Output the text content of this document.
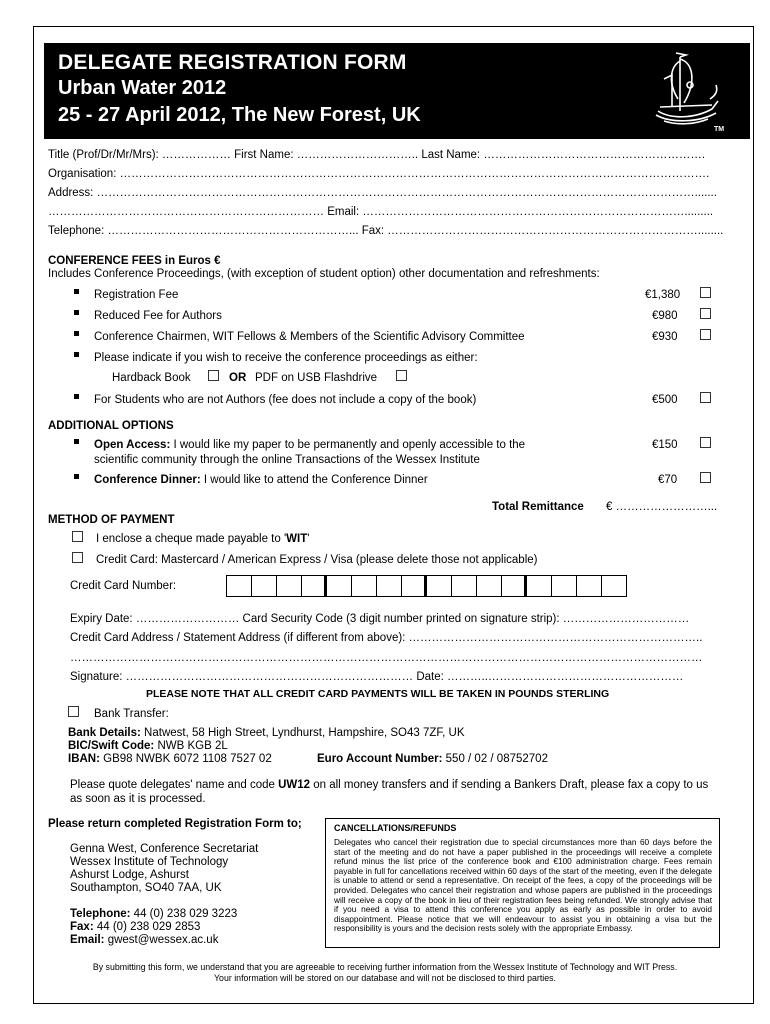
DELEGATE REGISTRATION FORM
Urban Water 2012
25 - 27 April 2012, The New Forest, UK
TM
Title (Prof/Dr/Mr/Mrs): ……………… First Name: ………………………….. Last Name: ………………………………………………….
Organisation: ……………………………………………………………………………………………………………………………………….
Address: ………………………………………………………………………………………………………………………………………….......
……………………………………………………………… Email: ………………………………………………………………………….........
Telephone: ………………………………………………………... Fax: ………………………………………………………………………........
CONFERENCE FEES in Euros €
Includes Conference Proceedings, (with exception of student option) other documentation and refreshments:
Registration Fee	€1,380
Reduced Fee for Authors	€980
Conference Chairmen, WIT Fellows & Members of the Scientific Advisory Committee	€930
Please indicate if you wish to receive the conference proceedings as either:
Hardback Book	OR PDF on USB Flashdrive
For Students who are not Authors (fee does not include a copy of the book)	€500
ADDITIONAL OPTIONS
Open Access: I would like my paper to be permanently and openly accessible to the
scientific community through the online Transactions of the Wessex Institute
€150
Conference Dinner: I would like to attend the Conference Dinner	€70
Total Remittance € ……………………...
METHOD OF PAYMENT
I enclose a cheque made payable to 'WIT'
Credit Card: Mastercard / American Express / Visa (please delete those not applicable)
Credit Card Number:
Expiry Date: ……………………… Card Security Code (3 digit number printed on signature strip): ……………………………
Credit Card Address / Statement Address (if different from above): …………………………………………………………………..
…………………………………………………………………………………………………………………………………………………
Signature: ………………………………………………………………… Date: ………..……………………………………………
PLEASE NOTE THAT ALL CREDIT CARD PAYMENTS WILL BE TAKEN IN POUNDS STERLING
Bank Transfer:
Bank Details: Natwest, 58 High Street, Lyndhurst, Hampshire, SO43 7ZF, UK
BIC/Swift Code: NWB KGB 2L
IBAN: GB98 NWBK 6072 1108 7527 02	Euro Account Number: 550 / 02 / 08752702
Please quote delegates' name and code UW12 on all money transfers and if sending a Bankers Draft, please fax a copy to us
as soon as it is processed.
Please return completed Registration Form to;
Genna West, Conference Secretariat
Wessex Institute of Technology
Ashurst Lodge, Ashurst
Southampton, SO40 7AA, UK
Telephone: 44 (0) 238 029 3223
Fax: 44 (0) 238 029 2853
Email: gwest@wessex.ac.uk
CANCELLATIONS/REFUNDS
Delegates who cancel their registration due to special circumstances more than 60 days before the start of the meeting and do not have a paper published in the proceedings will receive a complete refund minus the list price of the conference book and €100 administration charge. Fees remain payable in full for cancellations received within 60 days of the start of the meeting, even if the delegate is unable to attend or send a representative. On receipt of the fees, a copy of the proceedings will be provided. Delegates who cancel their registration and whose papers are published in the proceedings will receive a copy of the book in lieu of their registration fees being refunded. We strongly advise that if you need a visa to attend this conference you apply as early as possible in order to avoid disappointment. Please notice that we will endeavour to assist you in obtaining a visa but the responsibility is yours and the decision rests solely with the appropriate Embassy.
By submitting this form, we understand that you are agreeable to receiving further information from the Wessex Institute of Technology and WIT Press.
Your information will be stored on our database and will not be disclosed to third parties.
